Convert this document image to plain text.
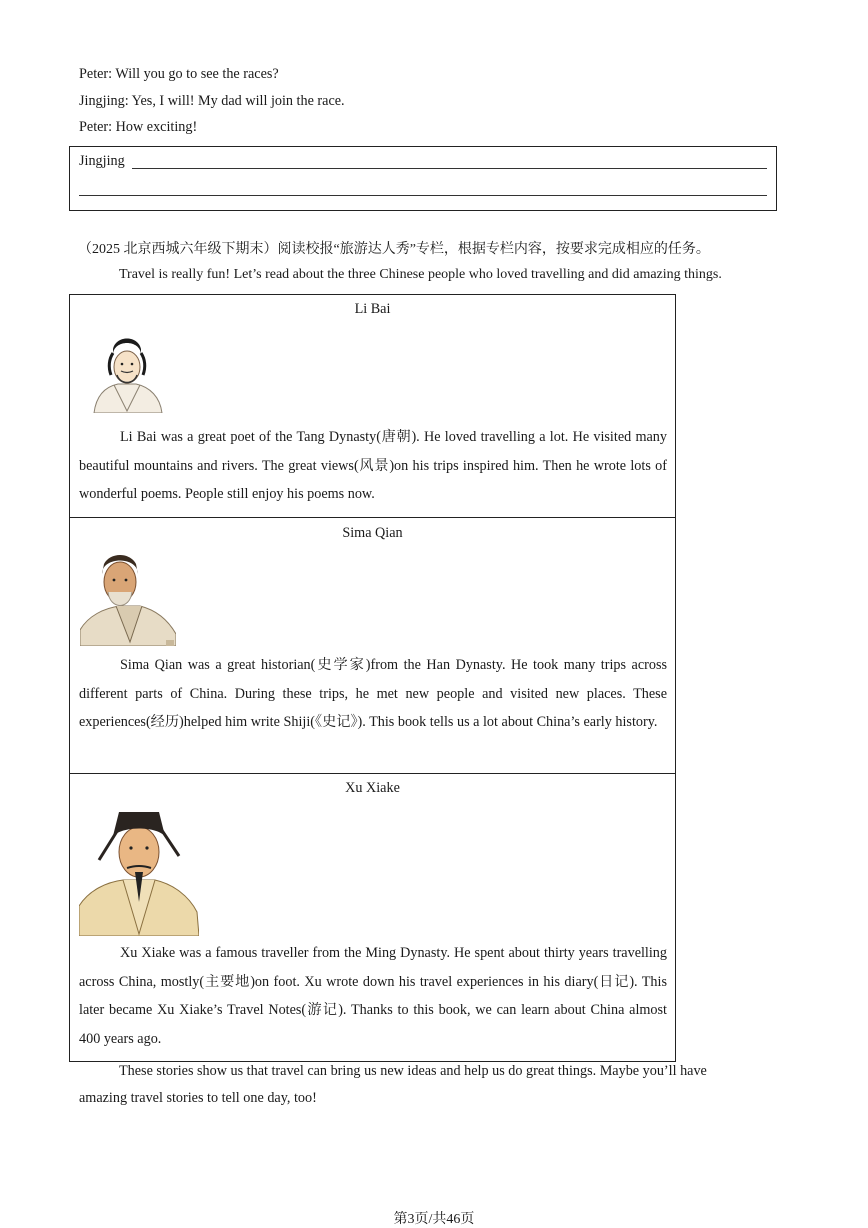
Peter: Will you go to see the races?
Jingjing: Yes, I will! My dad will join the race.
Peter: How exciting!
Jingjing
（2025 北京西城六年级下期末）阅读校报“旅游达人秀”专栏，根据专栏内容，按要求完成相应的任务。
Travel is really fun! Let’s read about the three Chinese people who loved travelling and did amazing things.
Li Bai
Li Bai was a great poet of the Tang Dynasty(唐朝). He loved travelling a lot. He visited many beautiful mountains and rivers. The great views(风景)on his trips inspired him. Then he wrote lots of wonderful poems. People still enjoy his poems now.
Sima Qian
Sima Qian was a great historian(史学家)from the Han Dynasty. He took many trips across different parts of China. During these trips, he met new people and visited new places. These experiences(经历)helped him write Shiji(《史记》). This book tells us a lot about China’s early history.
Xu Xiake
Xu Xiake was a famous traveller from the Ming Dynasty. He spent about thirty years travelling across China, mostly(主要地)on foot. Xu wrote down his travel experiences in his diary(日记). This later became Xu Xiake’s Travel Notes(游记). Thanks to this book, we can learn about China almost 400 years ago.
These stories show us that travel can bring us new ideas and help us do great things. Maybe you’ll have
amazing travel stories to tell one day, too!
第3页/共46页
